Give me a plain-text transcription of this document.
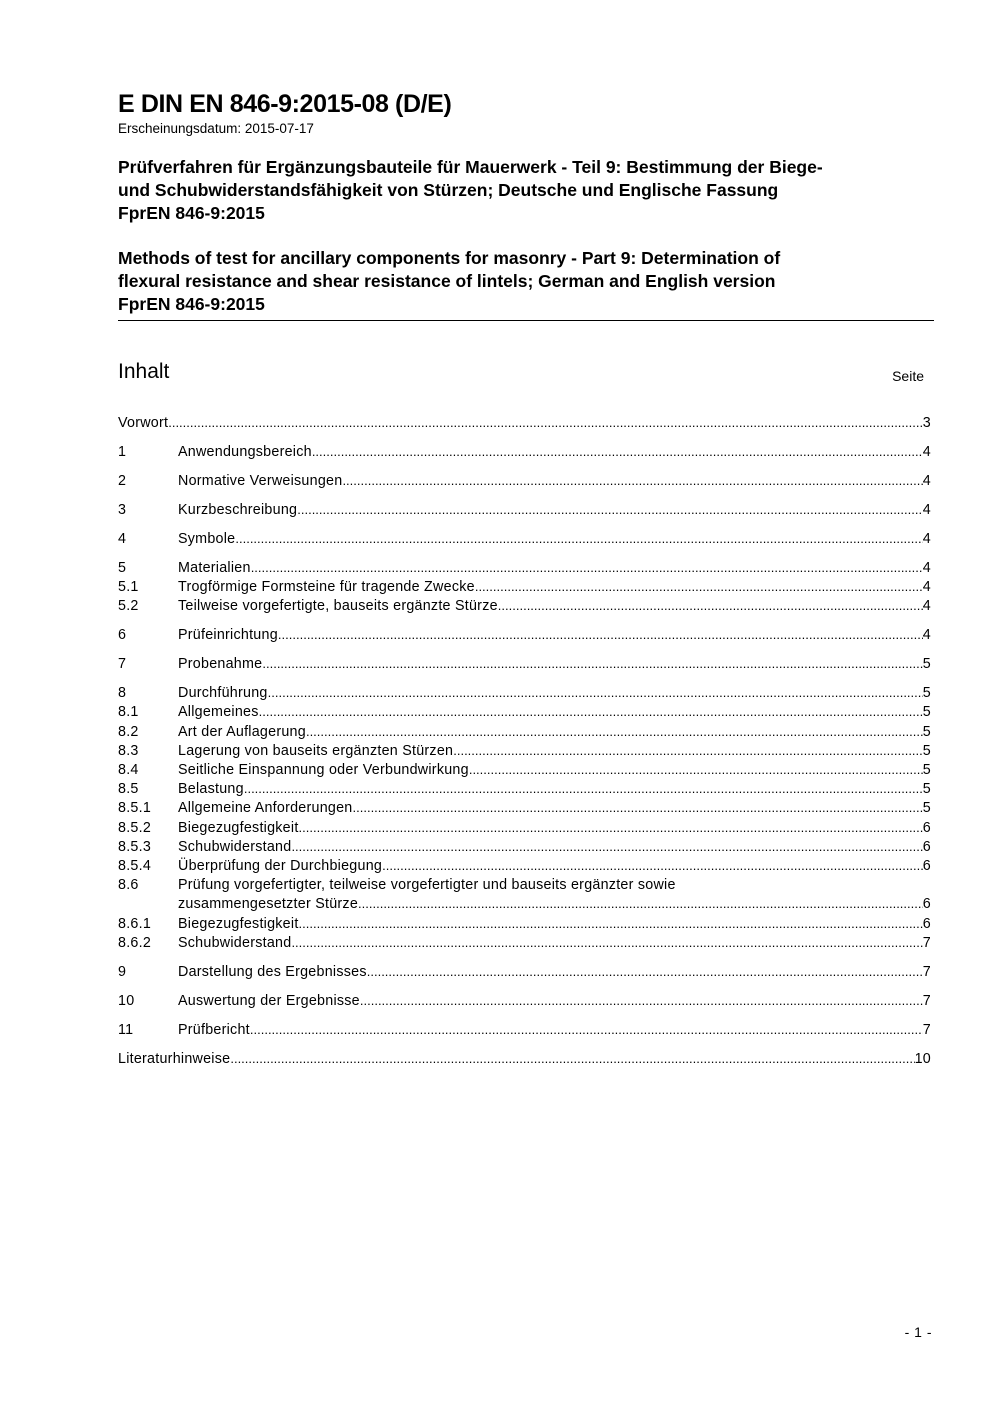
E DIN EN 846-9:2015-08 (D/E)
Erscheinungsdatum: 2015-07-17
Prüfverfahren für Ergänzungsbauteile für Mauerwerk - Teil 9: Bestimmung der Biege-
und Schubwiderstandsfähigkeit von Stürzen; Deutsche und Englische Fassung
FprEN 846-9:2015
Methods of test for ancillary components for masonry - Part 9: Determination of
flexural resistance and shear resistance of lintels; German and English version
FprEN 846-9:2015
Inhalt	Seite
Vorwort .....	3
1	Anwendungsbereich .....	4
2	Normative Verweisungen .....	4
3	Kurzbeschreibung .....	4
4	Symbole .....	4
5	Materialien .....	4
5.1	Trogförmige Formsteine für tragende Zwecke .....	4
5.2	Teilweise vorgefertigte, bauseits ergänzte Stürze .....	4
6	Prüfeinrichtung .....	4
7	Probenahme .....	5
8	Durchführung .....	5
8.1	Allgemeines .....	5
8.2	Art der Auflagerung .....	5
8.3	Lagerung von bauseits ergänzten Stürzen .....	5
8.4	Seitliche Einspannung oder Verbundwirkung .....	5
8.5	Belastung .....	5
8.5.1	Allgemeine Anforderungen .....	5
8.5.2	Biegezugfestigkeit .....	6
8.5.3	Schubwiderstand .....	6
8.5.4	Überprüfung der Durchbiegung .....	6
8.6	Prüfung vorgefertigter, teilweise vorgefertigter und bauseits ergänzter sowie
zusammengesetzter Stürze .....	6
8.6.1	Biegezugfestigkeit .....	6
8.6.2	Schubwiderstand .....	7
9	Darstellung des Ergebnisses .....	7
10	Auswertung der Ergebnisse .....	7
11	Prüfbericht .....	7
Literaturhinweise .....	10
- 1 -
